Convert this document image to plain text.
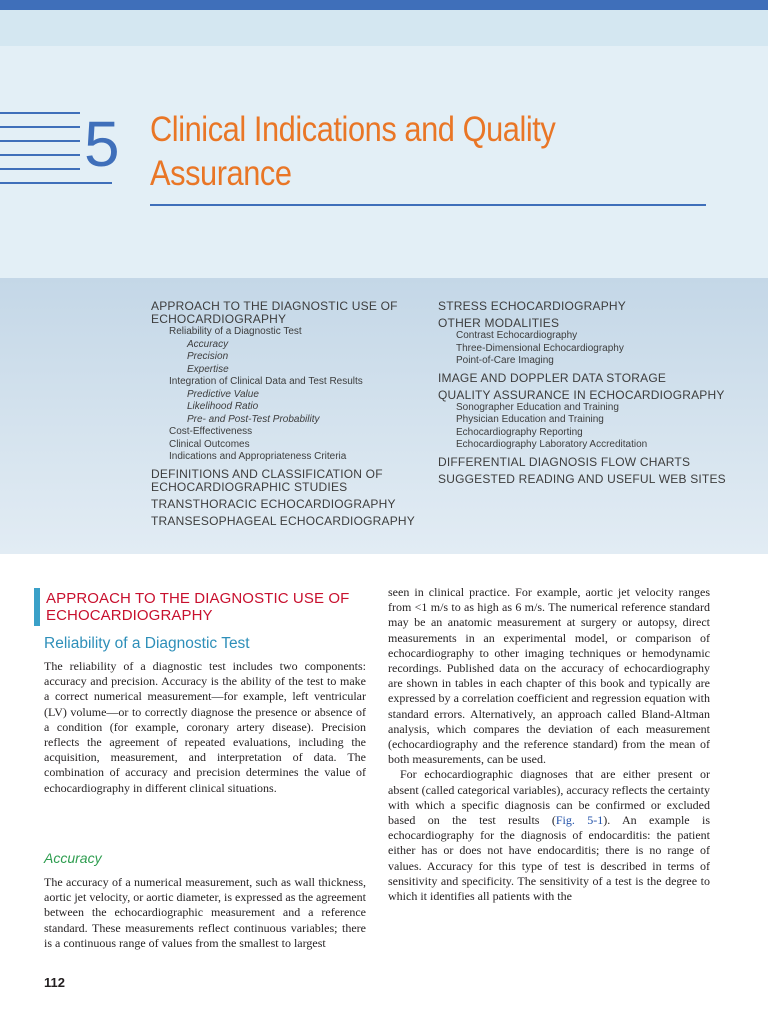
5 Clinical Indications and Quality
Assurance
APPROACH TO THE DIAGNOSTIC USE OF ECHOCARDIOGRAPHY
Reliability of a Diagnostic Test
Accuracy
Precision
Expertise
Integration of Clinical Data and Test Results
Predictive Value
Likelihood Ratio
Pre- and Post-Test Probability
Cost-Effectiveness
Clinical Outcomes
Indications and Appropriateness Criteria
DEFINITIONS AND CLASSIFICATION OF ECHOCARDIOGRAPHIC STUDIES
TRANSTHORACIC ECHOCARDIOGRAPHY
TRANSESOPHAGEAL ECHOCARDIOGRAPHY
STRESS ECHOCARDIOGRAPHY
OTHER MODALITIES
Contrast Echocardiography
Three-Dimensional Echocardiography
Point-of-Care Imaging
IMAGE AND DOPPLER DATA STORAGE
QUALITY ASSURANCE IN ECHOCARDIOGRAPHY
Sonographer Education and Training
Physician Education and Training
Echocardiography Reporting
Echocardiography Laboratory Accreditation
DIFFERENTIAL DIAGNOSIS FLOW CHARTS
SUGGESTED READING AND USEFUL WEB SITES
APPROACH TO THE DIAGNOSTIC USE OF ECHOCARDIOGRAPHY
Reliability of a Diagnostic Test

The reliability of a diagnostic test includes two components: accuracy and precision. Accuracy is the ability of the test to make a correct numerical measurement—for example, left ventricular (LV) volume—or to correctly diagnose the presence or absence of a condition (for example, coronary artery disease). Precision reflects the agreement of repeated evaluations, including the acquisition, measurement, and interpretation of data. The combination of accuracy and precision determines the value of echocardiography in different clinical situations.

Accuracy

The accuracy of a numerical measurement, such as wall thickness, aortic jet velocity, or aortic diameter, is expressed as the agreement between the echocardiographic measurement and a reference standard. These measurements reflect continuous variables; there is a continuous range of values from the smallest to largest

seen in clinical practice. For example, aortic jet velocity ranges from <1 m/s to as high as 6 m/s. The numerical reference standard may be an anatomic measurement at surgery or autopsy, direct measurements in an experimental model, or comparison of echocardiography to other imaging techniques or hemodynamic recordings. Published data on the accuracy of echocardiography are shown in tables in each chapter of this book and typically are expressed by a correlation coefficient and regression equation with standard errors. Alternatively, an approach called Bland-Altman analysis, which compares the deviation of each measurement (echocardiography and the reference standard) from the mean of both measurements, can be used.

For echocardiographic diagnoses that are either present or absent (called categorical variables), accuracy reflects the certainty with which a specific diagnosis can be confirmed or excluded based on the test results (Fig. 5-1). An example is echocardiography for the diagnosis of endocarditis: the patient either has or does not have endocarditis; there is no range of values. Accuracy for this type of test is described in terms of sensitivity and specificity. The sensitivity of a test is the degree to which it identifies all patients with the

112
